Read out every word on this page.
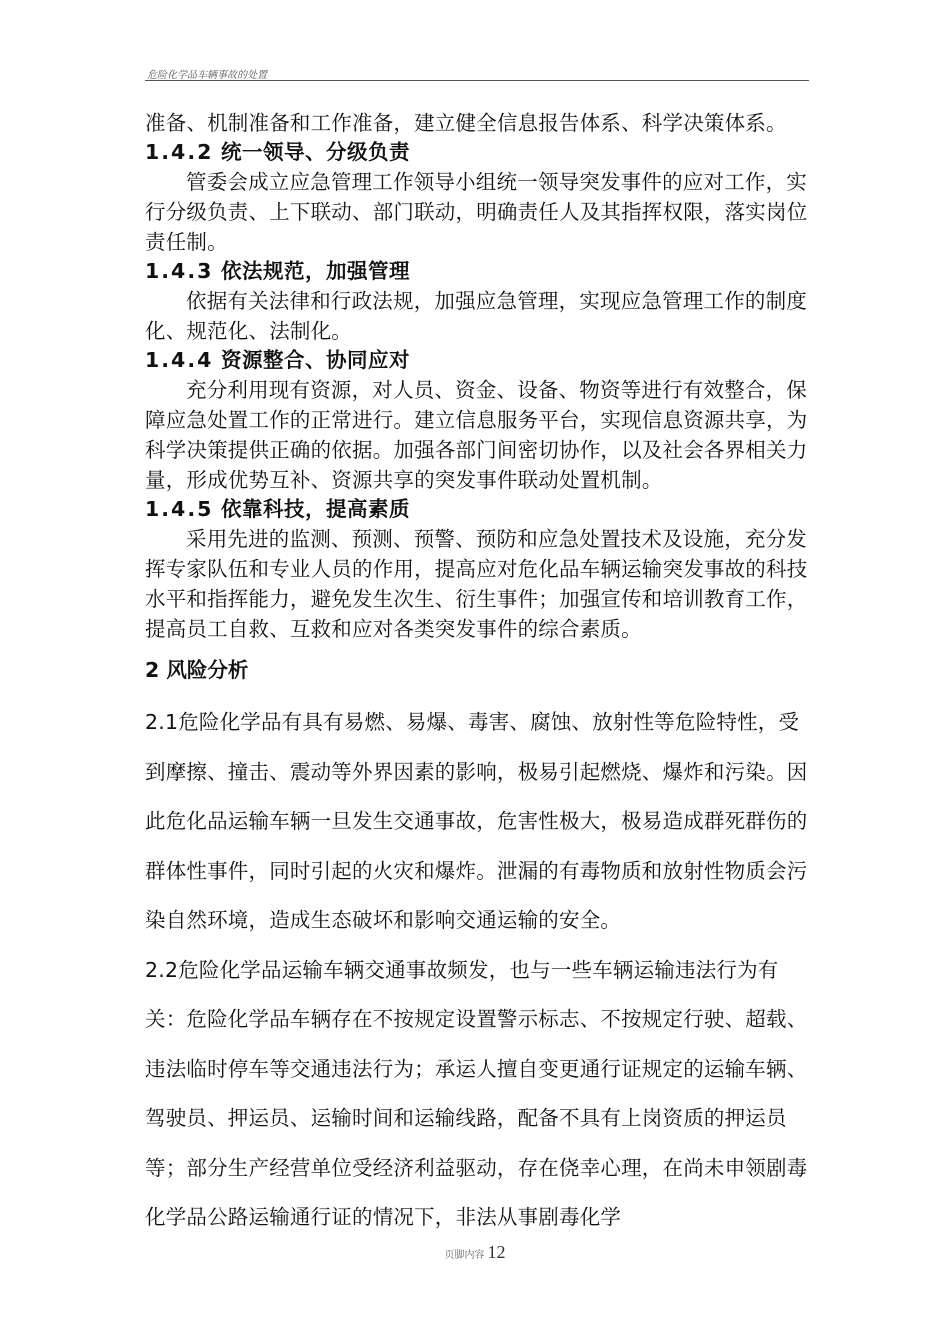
危险化学品车辆事故的处置

准备、机制准备和工作准备，建立健全信息报告体系、科学决策体系。

1.4.2 统一领导、分级负责

管委会成立应急管理工作领导小组统一领导突发事件的应对工作，实行分级负责、上下联动、部门联动，明确责任人及其指挥权限，落实岗位责任制。

1.4.3 依法规范，加强管理

依据有关法律和行政法规，加强应急管理，实现应急管理工作的制度化、规范化、法制化。

1.4.4 资源整合、协同应对

充分利用现有资源，对人员、资金、设备、物资等进行有效整合，保障应急处置工作的正常进行。建立信息服务平台，实现信息资源共享，为科学决策提供正确的依据。加强各部门间密切协作，以及社会各界相关力量，形成优势互补、资源共享的突发事件联动处置机制。

1.4.5 依靠科技，提高素质

采用先进的监测、预测、预警、预防和应急处置技术及设施，充分发挥专家队伍和专业人员的作用，提高应对危化品车辆运输突发事故的科技水平和指挥能力，避免发生次生、衍生事件；加强宣传和培训教育工作，提高员工自救、互救和应对各类突发事件的综合素质。

2 风险分析

2.1危险化学品有具有易燃、易爆、毒害、腐蚀、放射性等危险特性，受到摩擦、撞击、震动等外界因素的影响，极易引起燃烧、爆炸和污染。因此危化品运输车辆一旦发生交通事故，危害性极大，极易造成群死群伤的群体性事件，同时引起的火灾和爆炸。泄漏的有毒物质和放射性物质会污染自然环境，造成生态破坏和影响交通运输的安全。

2.2危险化学品运输车辆交通事故频发，也与一些车辆运输违法行为有关：危险化学品车辆存在不按规定设置警示标志、不按规定行驶、超载、违法临时停车等交通违法行为；承运人擅自变更通行证规定的运输车辆、驾驶员、押运员、运输时间和运输线路，配备不具有上岗资质的押运员等；部分生产经营单位受经济利益驱动，存在侥幸心理，在尚未申领剧毒化学品公路运输通行证的情况下，非法从事剧毒化学

页脚内容 12
